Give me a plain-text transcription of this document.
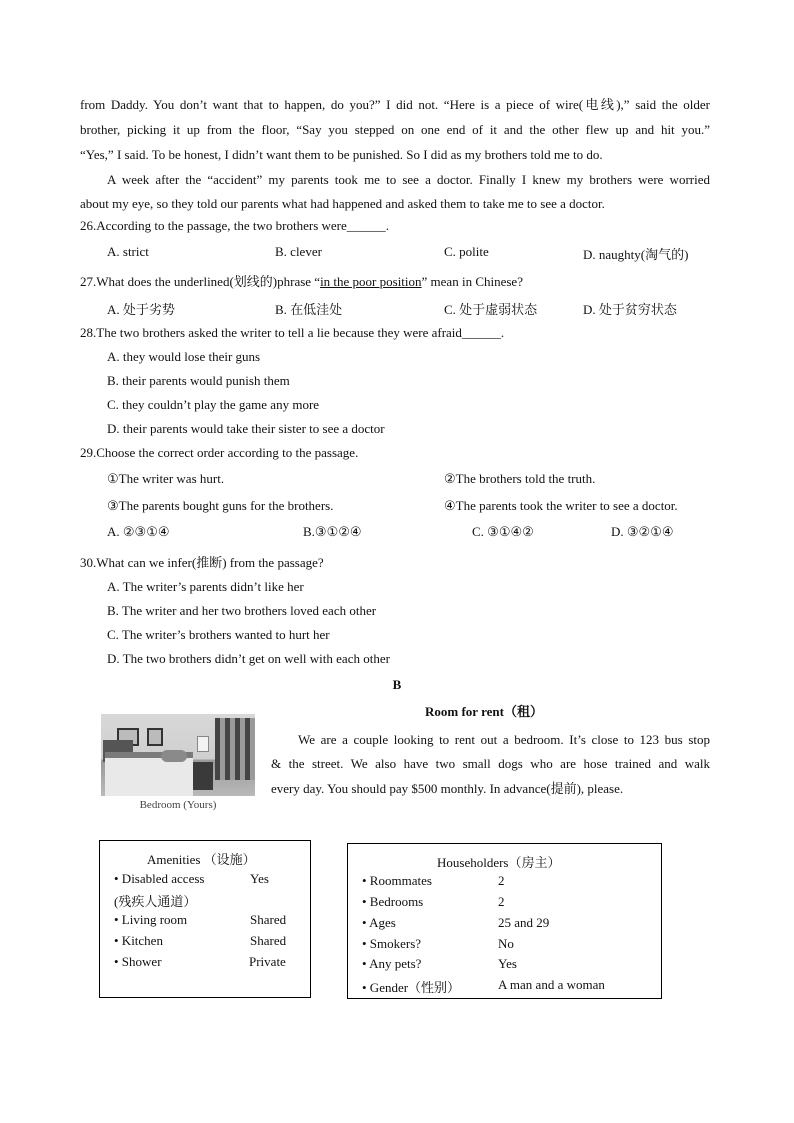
from Daddy. You don’t want that to happen, do you?” I did not. “Here is a piece of wire(电线),” said the older
brother, picking it up from the floor, “Say you stepped on one end of it and the other flew up and hit you.”
“Yes,” I said. To be honest, I didn’t want them to be punished. So I did as my brothers told me to do.
A week after the “accident” my parents took me to see a doctor. Finally I knew my brothers were worried
about my eye, so they told our parents what had happened and asked them to take me to see a doctor.
26.According to the passage, the two brothers were______.
A. strict	B. clever	C. polite	D. naughty(淘气的)
27.What does the underlined(划线的)phrase “in the poor position” mean in Chinese?
A. 处于劣势	B. 在低洼处	C. 处于虚弱状态	D. 处于贫穷状态
28.The two brothers asked the writer to tell a lie because they were afraid______.
A. they would lose their guns
B. their parents would punish them
C. they couldn’t play the game any more
D. their parents would take their sister to see a doctor
29.Choose the correct order according to the passage.
①The writer was hurt.	②The brothers told the truth.
③The parents bought guns for the brothers.	④The parents took the writer to see a doctor.
A. ②③①④	B.③①②④	C. ③①④②	D. ③②①④
30.What can we infer(推断) from the passage?
A. The writer’s parents didn’t like her
B. The writer and her two brothers loved each other
C. The writer’s brothers wanted to hurt her
D. The two brothers didn’t get on well with each other
B
Room for rent（租）
Bedroom (Yours)
We are a couple looking to rent out a bedroom. It’s close to 123 bus stop
& the street. We also have two small dogs who are hose trained and walk
every day. You should pay $500 monthly. In advance(提前), please.
Amenities （设施）
• Disabled access	Yes
(残疾人通道）
• Living room	Shared
• Kitchen	Shared
• Shower	Private
Householders（房主）
• Roommates	2
• Bedrooms	2
• Ages	25 and 29
• Smokers?	No
• Any pets?	Yes
• Gender（性别）	A man and a woman
